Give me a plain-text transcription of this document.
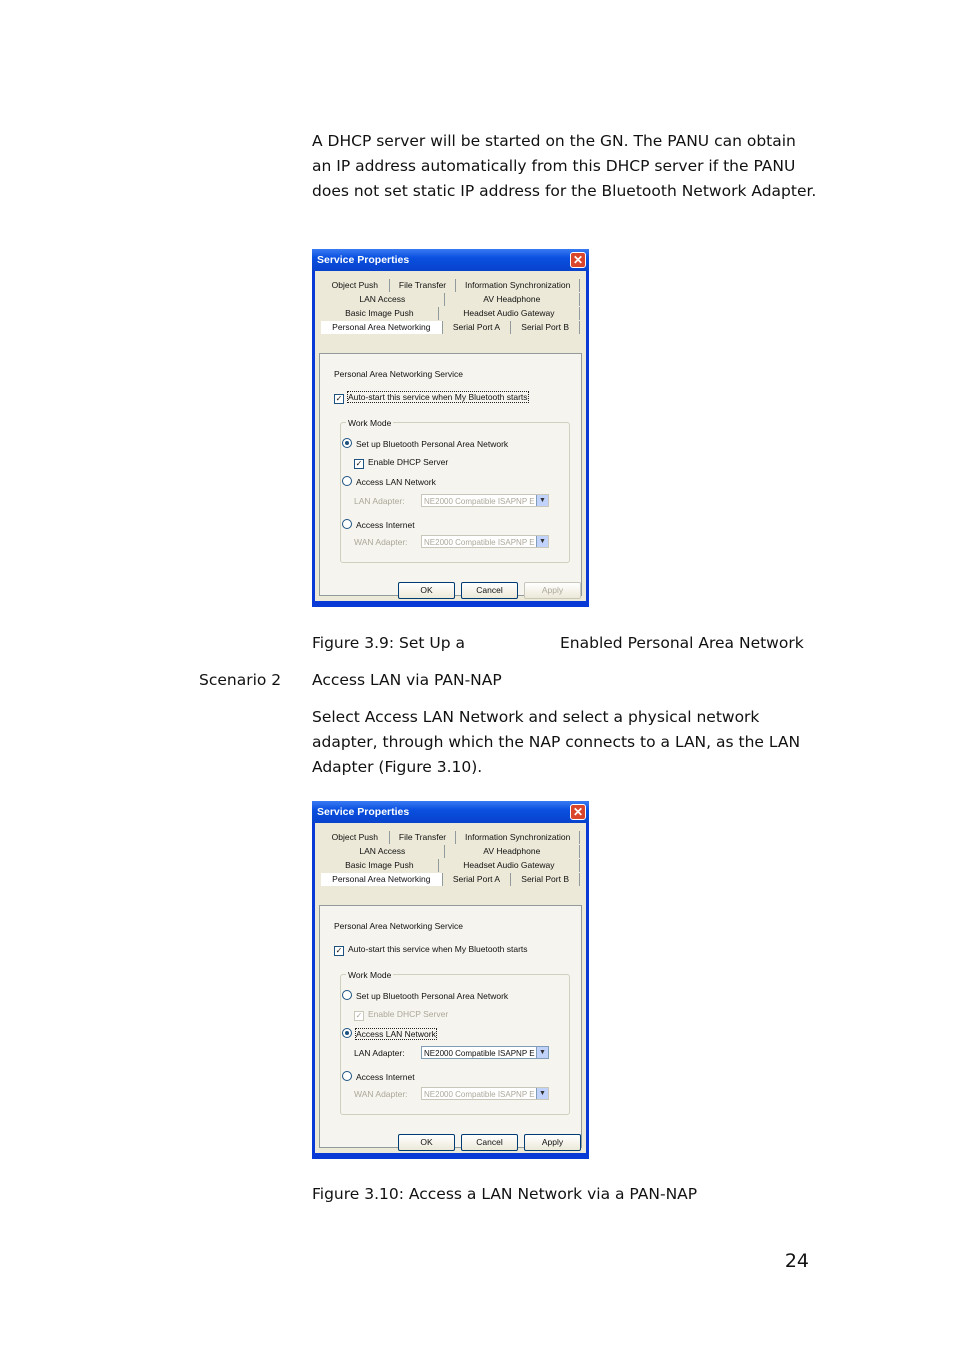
A DHCP server will be started on the GN. The PANU can obtain an IP address automatically from this DHCP server if the PANU does not set static IP address for the Bluetooth Network Adapter.

Service Properties	✕
Object Push	File Transfer	Information Synchronization
LAN Access	AV Headphone
Basic Image Push	Headset Audio Gateway
Personal Area Networking	Serial Port A	Serial Port B
Personal Area Networking Service
✓ Auto-start this service when My Bluetooth starts
Work Mode
Set up Bluetooth Personal Area Network
✓ Enable DHCP Server
Access LAN Network
LAN Adapter:	NE2000 Compatible ISAPNP E ▼
Access Internet
WAN Adapter:	NE2000 Compatible ISAPNP E ▼
OK	Cancel	Apply

Figure 3.9: Set Up a	Enabled Personal Area Network

Scenario 2 Access LAN via PAN-NAP

Select Access LAN Network and select a physical network adapter, through which the NAP connects to a LAN, as the LAN Adapter (Figure 3.10).

Service Properties	✕
Object Push	File Transfer	Information Synchronization
LAN Access	AV Headphone
Basic Image Push	Headset Audio Gateway
Personal Area Networking	Serial Port A	Serial Port B
Personal Area Networking Service
✓ Auto-start this service when My Bluetooth starts
Work Mode
Set up Bluetooth Personal Area Network
✓ Enable DHCP Server
Access LAN Network
LAN Adapter:	NE2000 Compatible ISAPNP E ▼
Access Internet
WAN Adapter:	NE2000 Compatible ISAPNP E ▼
OK	Cancel	Apply

Figure 3.10: Access a LAN Network via a PAN-NAP

24
